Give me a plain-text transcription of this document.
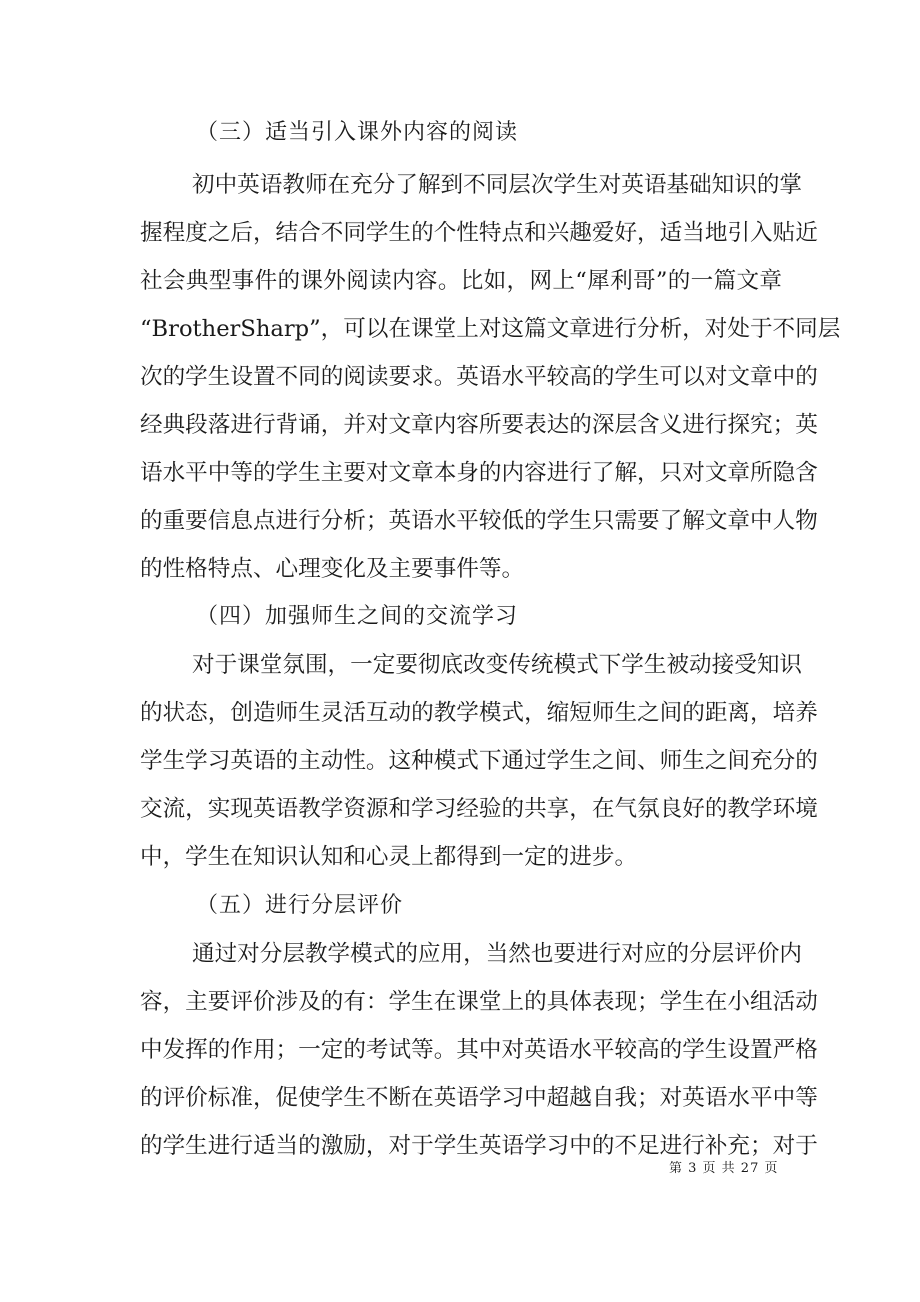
（三）适当引入课外内容的阅读
初中英语教师在充分了解到不同层次学生对英语基础知识的掌
握程度之后，结合不同学生的个性特点和兴趣爱好，适当地引入贴近
社会典型事件的课外阅读内容。比如，网上“犀利哥”的一篇文章
“BrotherSharp”，可以在课堂上对这篇文章进行分析，对处于不同层
次的学生设置不同的阅读要求。英语水平较高的学生可以对文章中的
经典段落进行背诵，并对文章内容所要表达的深层含义进行探究；英
语水平中等的学生主要对文章本身的内容进行了解，只对文章所隐含
的重要信息点进行分析；英语水平较低的学生只需要了解文章中人物
的性格特点、心理变化及主要事件等。
（四）加强师生之间的交流学习
对于课堂氛围，一定要彻底改变传统模式下学生被动接受知识
的状态，创造师生灵活互动的教学模式，缩短师生之间的距离，培养
学生学习英语的主动性。这种模式下通过学生之间、师生之间充分的
交流，实现英语教学资源和学习经验的共享，在气氛良好的教学环境
中，学生在知识认知和心灵上都得到一定的进步。
（五）进行分层评价
通过对分层教学模式的应用，当然也要进行对应的分层评价内
容，主要评价涉及的有：学生在课堂上的具体表现；学生在小组活动
中发挥的作用；一定的考试等。其中对英语水平较高的学生设置严格
的评价标准，促使学生不断在英语学习中超越自我；对英语水平中等
的学生进行适当的激励，对于学生英语学习中的不足进行补充；对于
第 3 页 共 27 页
